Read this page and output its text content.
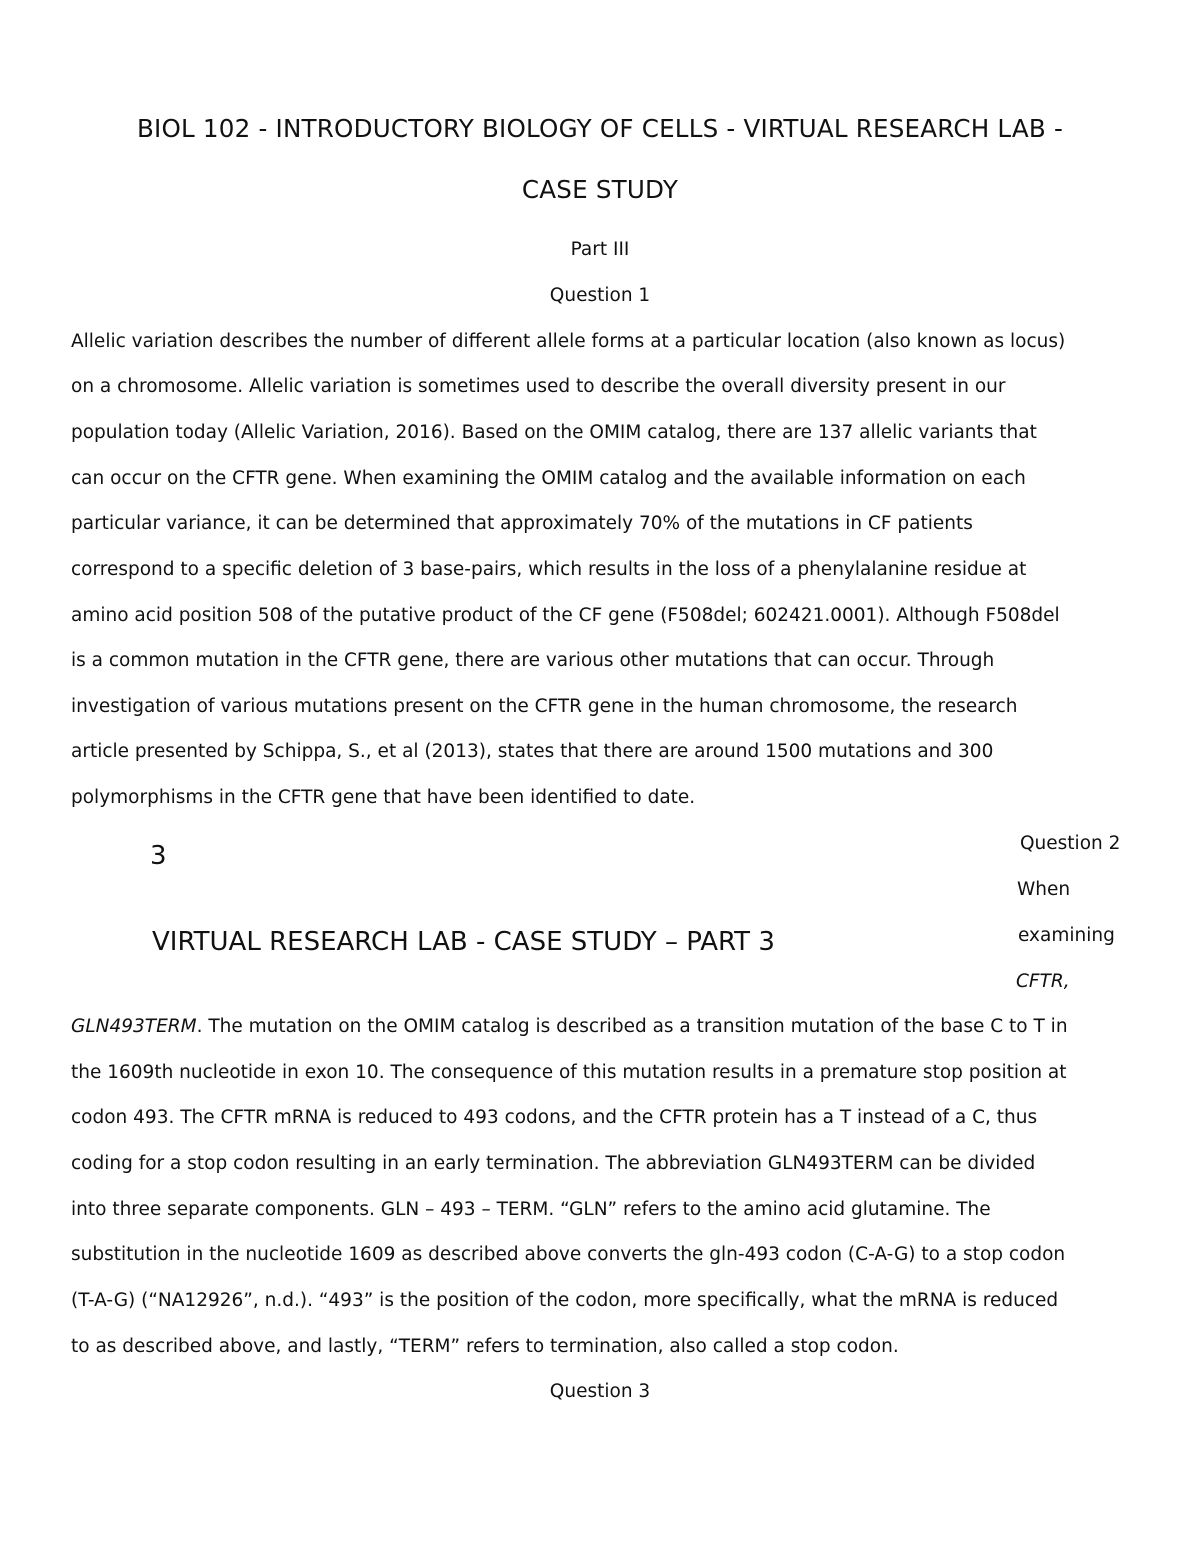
BIOL 102 - INTRODUCTORY BIOLOGY OF CELLS - VIRTUAL RESEARCH LAB -
CASE STUDY
Part III
Question 1
Allelic variation describes the number of different allele forms at a particular location (also known as locus)
on a chromosome. Allelic variation is sometimes used to describe the overall diversity present in our
population today (Allelic Variation, 2016). Based on the OMIM catalog, there are 137 allelic variants that
can occur on the CFTR gene. When examining the OMIM catalog and the available information on each
particular variance, it can be determined that approximately 70% of the mutations in CF patients
correspond to a specific deletion of 3 base-pairs, which results in the loss of a phenylalanine residue at
amino acid position 508 of the putative product of the CF gene (F508del; 602421.0001). Although F508del
is a common mutation in the CFTR gene, there are various other mutations that can occur. Through
investigation of various mutations present on the CFTR gene in the human chromosome, the research
article presented by Schippa, S., et al (2013), states that there are around 1500 mutations and 300
polymorphisms in the CFTR gene that have been identified to date.
3
VIRTUAL RESEARCH LAB - CASE STUDY – PART 3
Question 2
When
examining
CFTR,
GLN493TERM. The mutation on the OMIM catalog is described as a transition mutation of the base C to T in
the 1609th nucleotide in exon 10. The consequence of this mutation results in a premature stop position at
codon 493. The CFTR mRNA is reduced to 493 codons, and the CFTR protein has a T instead of a C, thus
coding for a stop codon resulting in an early termination. The abbreviation GLN493TERM can be divided
into three separate components. GLN – 493 – TERM. “GLN” refers to the amino acid glutamine. The
substitution in the nucleotide 1609 as described above converts the gln-493 codon (C-A-G) to a stop codon
(T-A-G) (“NA12926”, n.d.). “493” is the position of the codon, more specifically, what the mRNA is reduced
to as described above, and lastly, “TERM” refers to termination, also called a stop codon.
Question 3
